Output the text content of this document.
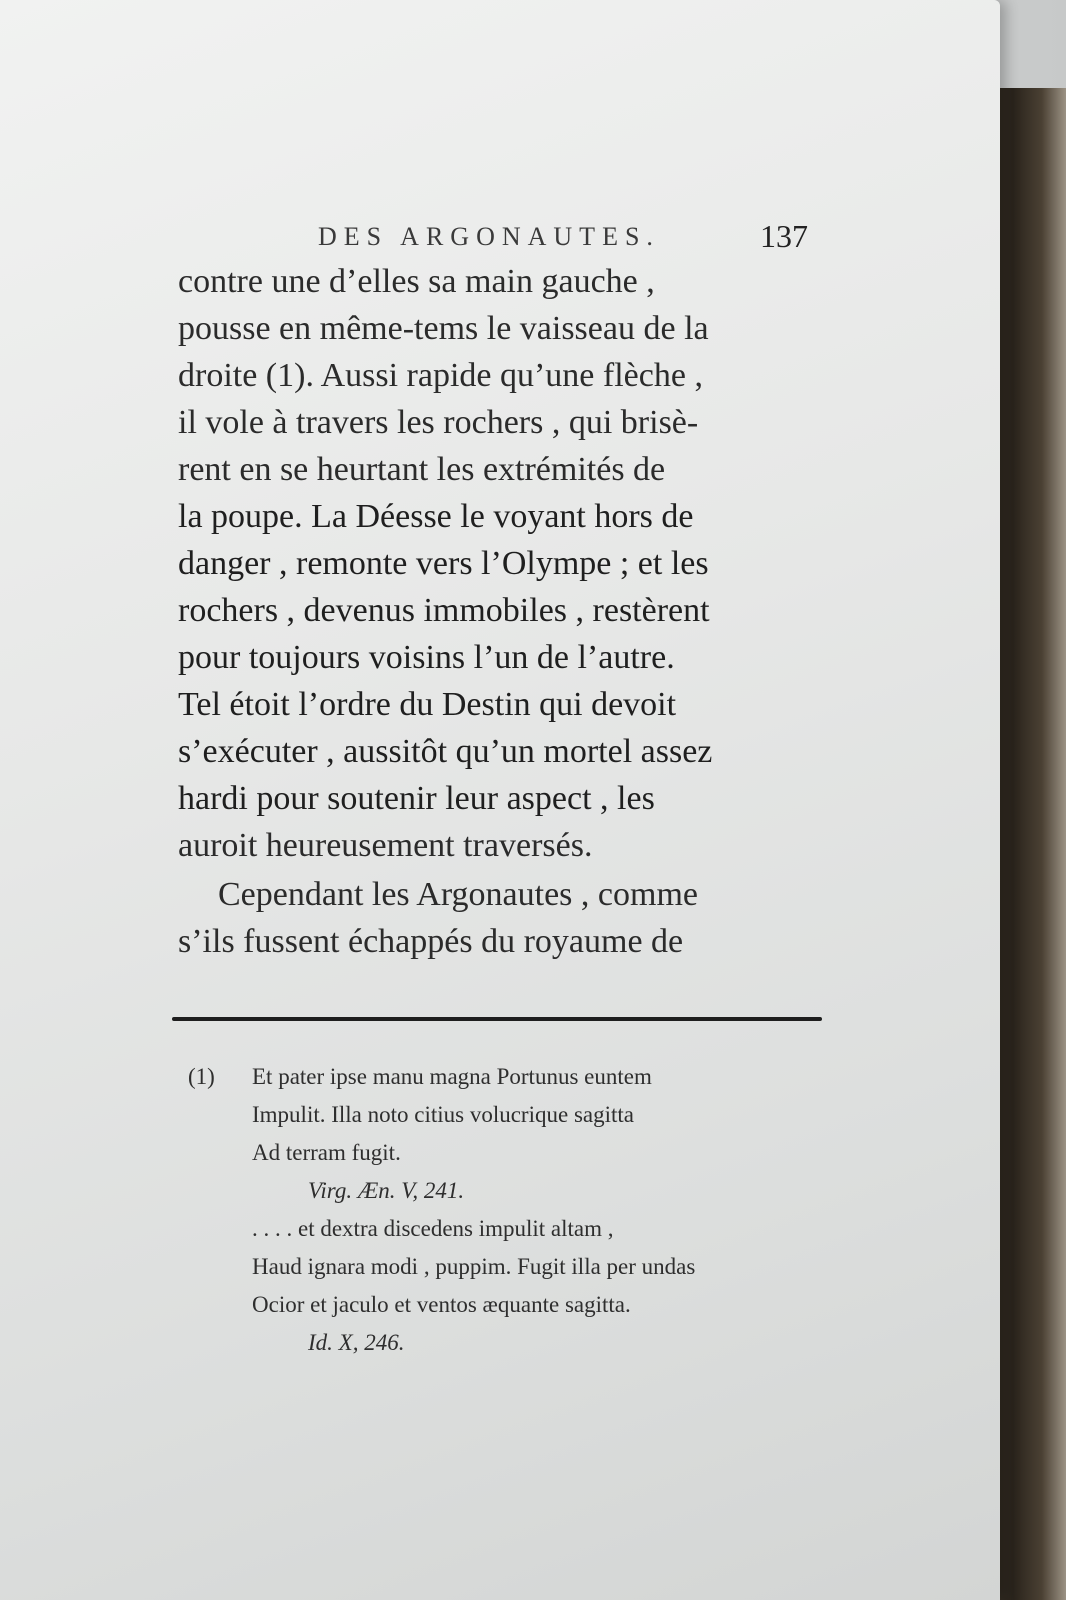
DES ARGONAUTES.	137
contre une d’elles sa main gauche ,
pousse en même-tems le vaisseau de la
droite (1). Aussi rapide qu’une flèche ,
il vole à travers les rochers , qui brisè-
rent en se heurtant les extrémités de
la poupe. La Déesse le voyant hors de
danger , remonte vers l’Olympe ; et les
rochers , devenus immobiles , restèrent
pour toujours voisins l’un de l’autre.
Tel étoit l’ordre du Destin qui devoit
s’exécuter , aussitôt qu’un mortel assez
hardi pour soutenir leur aspect , les
auroit heureusement traversés.
Cependant les Argonautes , comme
s’ils fussent échappés du royaume de
(1) Et pater ipse manu magna Portunus euntem
Impulit. Illa noto citius volucrique sagitta
Ad terram fugit.
Virg. Æn. V, 241.
. . . . et dextra discedens impulit altam ,
Haud ignara modi , puppim. Fugit illa per undas
Ocior et jaculo et ventos æquante sagitta.
Id. X, 246.
